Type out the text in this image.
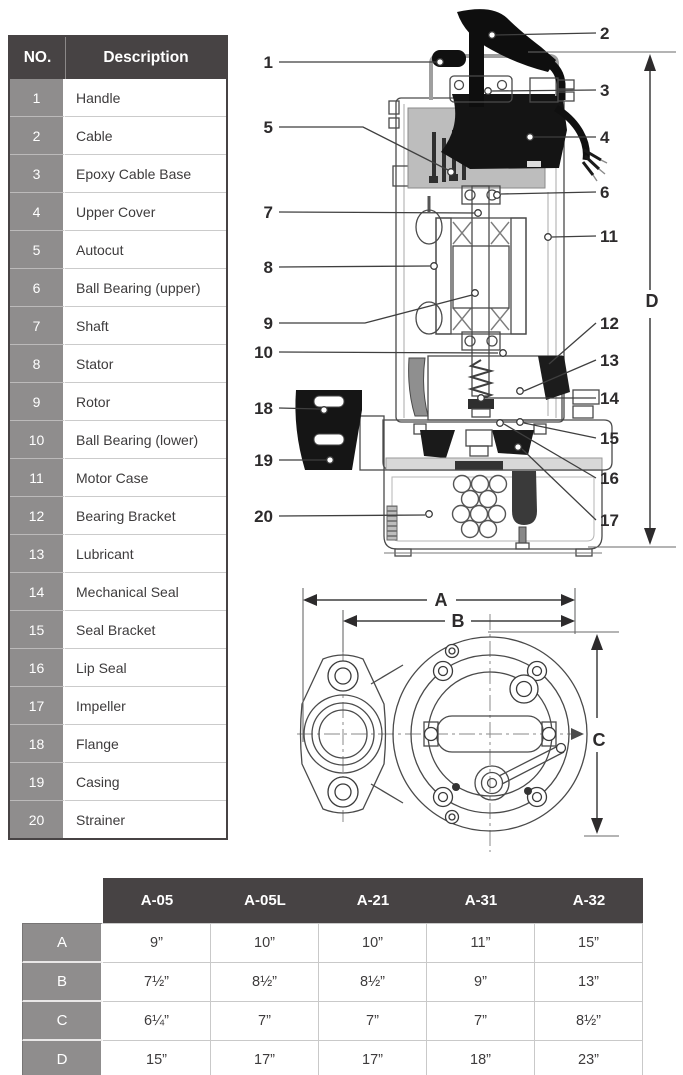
NO.	Description
1	Handle
2	Cable
3	Epoxy Cable Base
4	Upper Cover
5	Autocut
6	Ball Bearing (upper)
7	Shaft
8	Stator
9	Rotor
10	Ball Bearing (lower)
11	Motor Case
12	Bearing Bracket
13	Lubricant
14	Mechanical Seal
15	Seal Bracket
16	Lip Seal
17	Impeller
18	Flange
19	Casing
20	Strainer
1
5
7
8
9
10
18
19
20
2
3
4
6
11
12
13
14
15
16
17
D
A
B
C
	A-05	A-05L	A-21	A-31	A-32
A	9”	10”	10”	11”	15”
B	7½”	8½”	8½”	9”	13”
C	6¼”	7”	7”	7”	8½”
D	15”	17”	17”	18”	23”
